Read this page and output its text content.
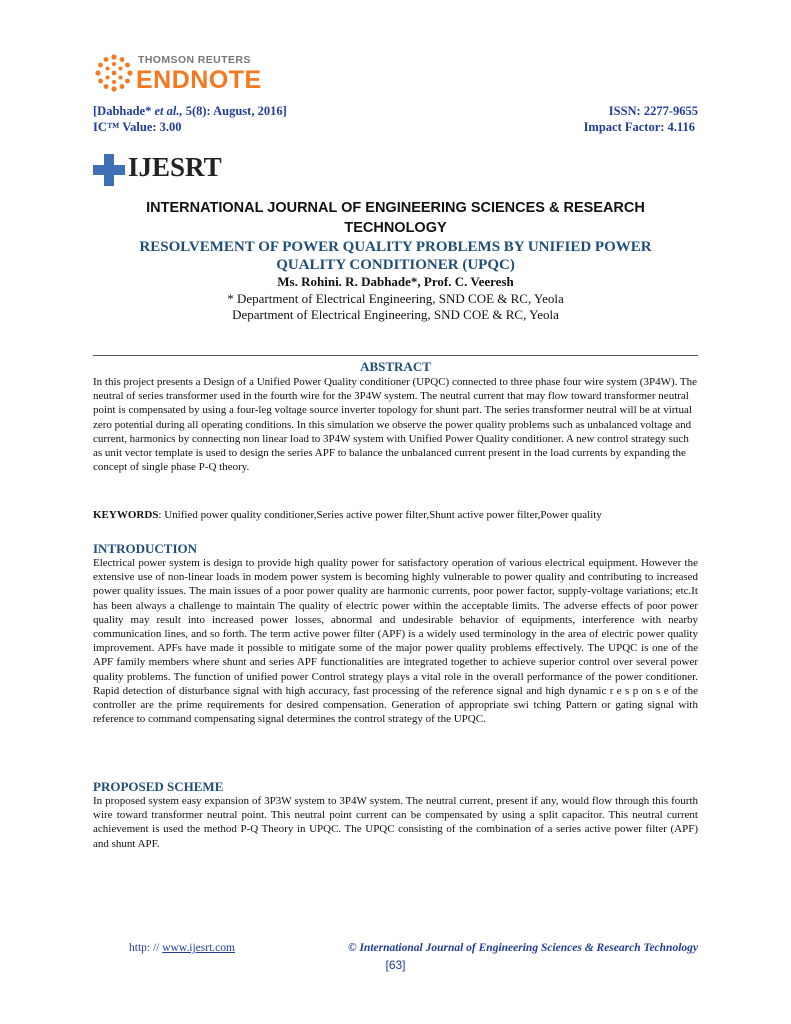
THOMSON REUTERS
ENDNOTE
[Dabhade* et al., 5(8): August, 2016]
IC™ Value: 3.00
ISSN: 2277-9655
Impact Factor: 4.116
IJESRT
INTERNATIONAL JOURNAL OF ENGINEERING SCIENCES & RESEARCH TECHNOLOGY
RESOLVEMENT OF POWER QUALITY PROBLEMS BY UNIFIED POWER
QUALITY CONDITIONER (UPQC)
Ms. Rohini. R. Dabhade*, Prof. C. Veeresh
* Department of Electrical Engineering, SND COE & RC, Yeola
Department of Electrical Engineering, SND COE & RC, Yeola
ABSTRACT
In this project presents a Design of a Unified Power Quality conditioner (UPQC) connected to three phase four wire system (3P4W). The neutral of series transformer used in the fourth wire for the 3P4W system. The neutral current that may flow toward transformer neutral point is compensated by using a four-leg voltage source inverter topology for shunt part. The series transformer neutral will be at virtual zero potential during all operating conditions. In this simulation we observe the power quality problems such as unbalanced voltage and current, harmonics by connecting non linear load to 3P4W system with Unified Power Quality conditioner. A new control strategy such as unit vector template is used to design the series APF to balance the unbalanced current present in the load currents by expanding the concept of single phase P-Q theory.
KEYWORDS: Unified power quality conditioner,Series active power filter,Shunt active power filter,Power quality
INTRODUCTION
Electrical power system is design to provide high quality power for satisfactory operation of various electrical equipment. However the extensive use of non-linear loads in modem power system is becoming highly vulnerable to power quality and contributing to increased power quality issues. The main issues of a poor power quality are harmonic currents, poor power factor, supply-voltage variations; etc.It has been always a challenge to maintain The quality of electric power within the acceptable limits. The adverse effects of poor power quality may result into increased power losses, abnormal and undesirable behavior of equipments, interference with nearby communication lines, and so forth. The term active power filter (APF) is a widely used terminology in the area of electric power quality improvement. APFs have made it possible to mitigate some of the major power quality problems effectively. The UPQC is one of the APF family members where shunt and series APF functionalities are integrated together to achieve superior control over several power quality problems. The function of unified power Control strategy plays a vital role in the overall performance of the power conditioner. Rapid detection of disturbance signal with high accuracy, fast processing of the reference signal and high dynamic r e s p on s e of the controller are the prime requirements for desired compensation. Generation of appropriate swi tching Pattern or gating signal with reference to command compensating signal determines the control strategy of the UPQC.
PROPOSED SCHEME
In proposed system easy expansion of 3P3W system to 3P4W system. The neutral current, present if any, would flow through this fourth wire toward transformer neutral point. This neutral point current can be compensated by using a split capacitor. This neutral current achievement is used the method P-Q Theory in UPQC. The UPQC consisting of the combination of a series active power filter (APF) and shunt APF.
http: // www.ijesrt.com	© International Journal of Engineering Sciences & Research Technology
[63]
